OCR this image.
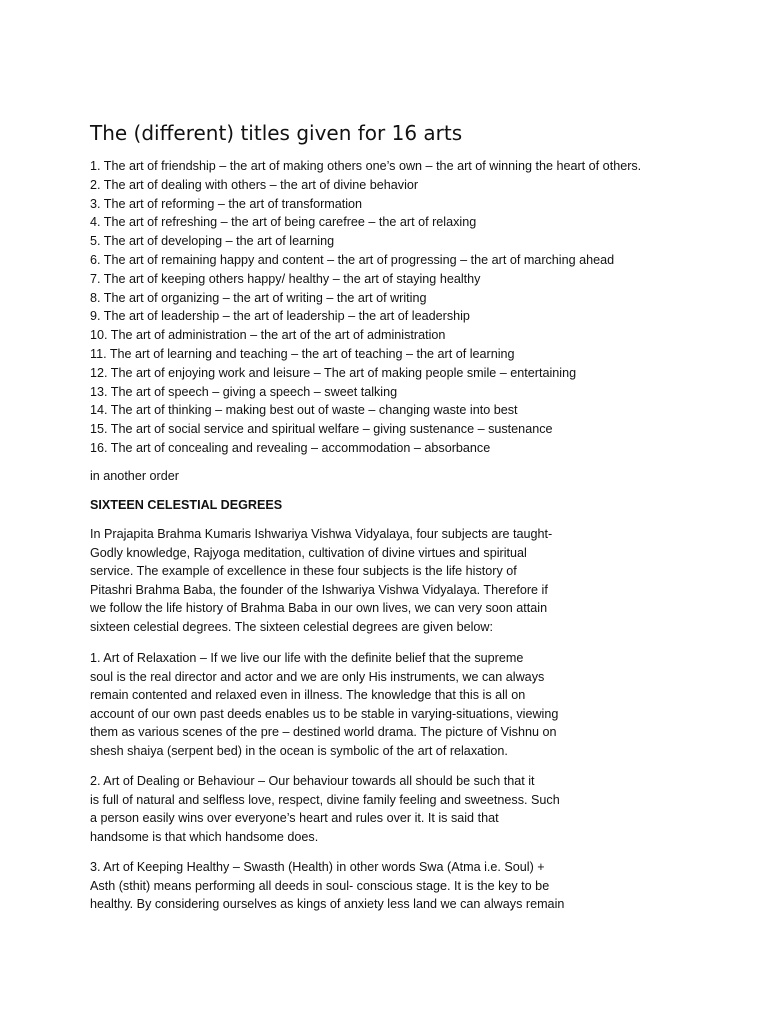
The (different) titles given for 16 arts
1. The art of friendship – the art of making others one’s own – the art of winning the heart of others.
2. The art of dealing with others – the art of divine behavior
3. The art of reforming – the art of transformation
4. The art of refreshing – the art of being carefree – the art of relaxing
5. The art of developing – the art of learning
6. The art of remaining happy and content – the art of progressing – the art of marching ahead
7. The art of keeping others happy/ healthy – the art of staying healthy
8. The art of organizing – the art of writing – the art of writing
9. The art of leadership – the art of leadership – the art of leadership
10. The art of administration – the art of the art of administration
11. The art of learning and teaching – the art of teaching – the art of learning
12. The art of enjoying work and leisure – The art of making people smile – entertaining
13. The art of speech – giving a speech – sweet talking
14. The art of thinking – making best out of waste – changing waste into best
15. The art of social service and spiritual welfare – giving sustenance – sustenance
16. The art of concealing and revealing – accommodation – absorbance

in another order

SIXTEEN CELESTIAL DEGREES

In Prajapita Brahma Kumaris Ishwariya Vishwa Vidyalaya, four subjects are taught-
Godly knowledge, Rajyoga meditation, cultivation of divine virtues and spiritual
service. The example of excellence in these four subjects is the life history of
Pitashri Brahma Baba, the founder of the Ishwariya Vishwa Vidyalaya. Therefore if
we follow the life history of Brahma Baba in our own lives, we can very soon attain
sixteen celestial degrees. The sixteen celestial degrees are given below:

1. Art of Relaxation – If we live our life with the definite belief that the supreme
soul is the real director and actor and we are only His instruments, we can always
remain contented and relaxed even in illness. The knowledge that this is all on
account of our own past deeds enables us to be stable in varying-situations, viewing
them as various scenes of the pre – destined world drama. The picture of Vishnu on
shesh shaiya (serpent bed) in the ocean is symbolic of the art of relaxation.

2. Art of Dealing or Behaviour – Our behaviour towards all should be such that it
is full of natural and selfless love, respect, divine family feeling and sweetness. Such
a person easily wins over everyone’s heart and rules over it. It is said that
handsome is that which handsome does.

3. Art of Keeping Healthy – Swasth (Health) in other words Swa (Atma i.e. Soul) +
Asth (sthit) means performing all deeds in soul- conscious stage. It is the key to be
healthy. By considering ourselves as kings of anxiety less land we can always remain
